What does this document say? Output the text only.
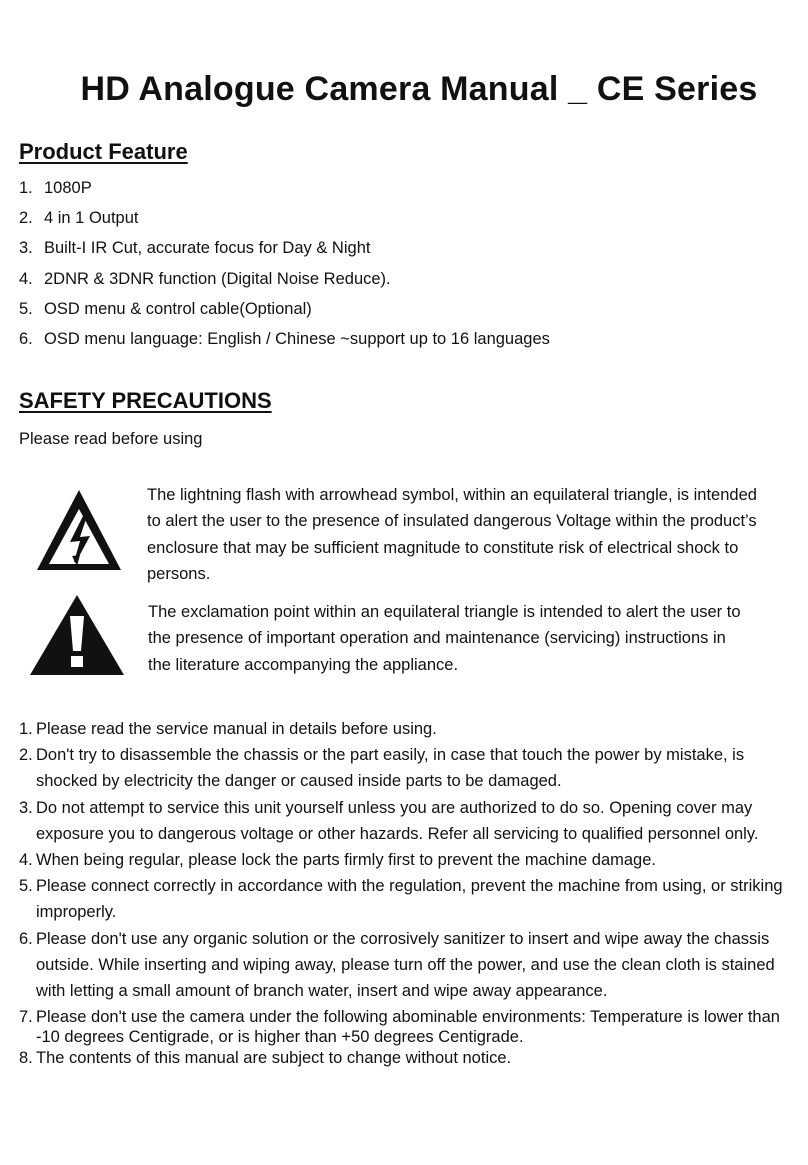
HD Analogue Camera Manual _ CE Series
Product Feature
1. 1080P
2. 4 in 1 Output
3. Built-I IR Cut, accurate focus for Day & Night
4. 2DNR & 3DNR function (Digital Noise Reduce).
5. OSD menu & control cable(Optional)
6. OSD menu language: English / Chinese ~support up to 16 languages
SAFETY PRECAUTIONS
Please read before using
The lightning flash with arrowhead symbol, within an equilateral triangle, is intended
to alert the user to the presence of insulated dangerous Voltage within the product’s
enclosure that may be sufficient magnitude to constitute risk of electrical shock to
persons.
The exclamation point within an equilateral triangle is intended to alert the user to
the presence of important operation and maintenance (servicing) instructions in
the literature accompanying the appliance.
1. Please read the service manual in details before using.
2. Don't try to disassemble the chassis or the part easily, in case that touch the power by mistake, is shocked by electricity the danger or caused inside parts to be damaged.
3. Do not attempt to service this unit yourself unless you are authorized to do so. Opening cover may exposure you to dangerous voltage or other hazards. Refer all servicing to qualified personnel only.
4. When being regular, please lock the parts firmly first to prevent the machine damage.
5. Please connect correctly in accordance with the regulation, prevent the machine from using, or striking improperly.
6. Please don't use any organic solution or the corrosively sanitizer to insert and wipe away the chassis outside. While inserting and wiping away, please turn off the power, and use the clean cloth is stained with letting a small amount of branch water, insert and wipe away appearance.
7. Please don't use the camera under the following abominable environments: Temperature is lower than -10 degrees Centigrade, or is higher than +50 degrees Centigrade.
8. The contents of this manual are subject to change without notice.
